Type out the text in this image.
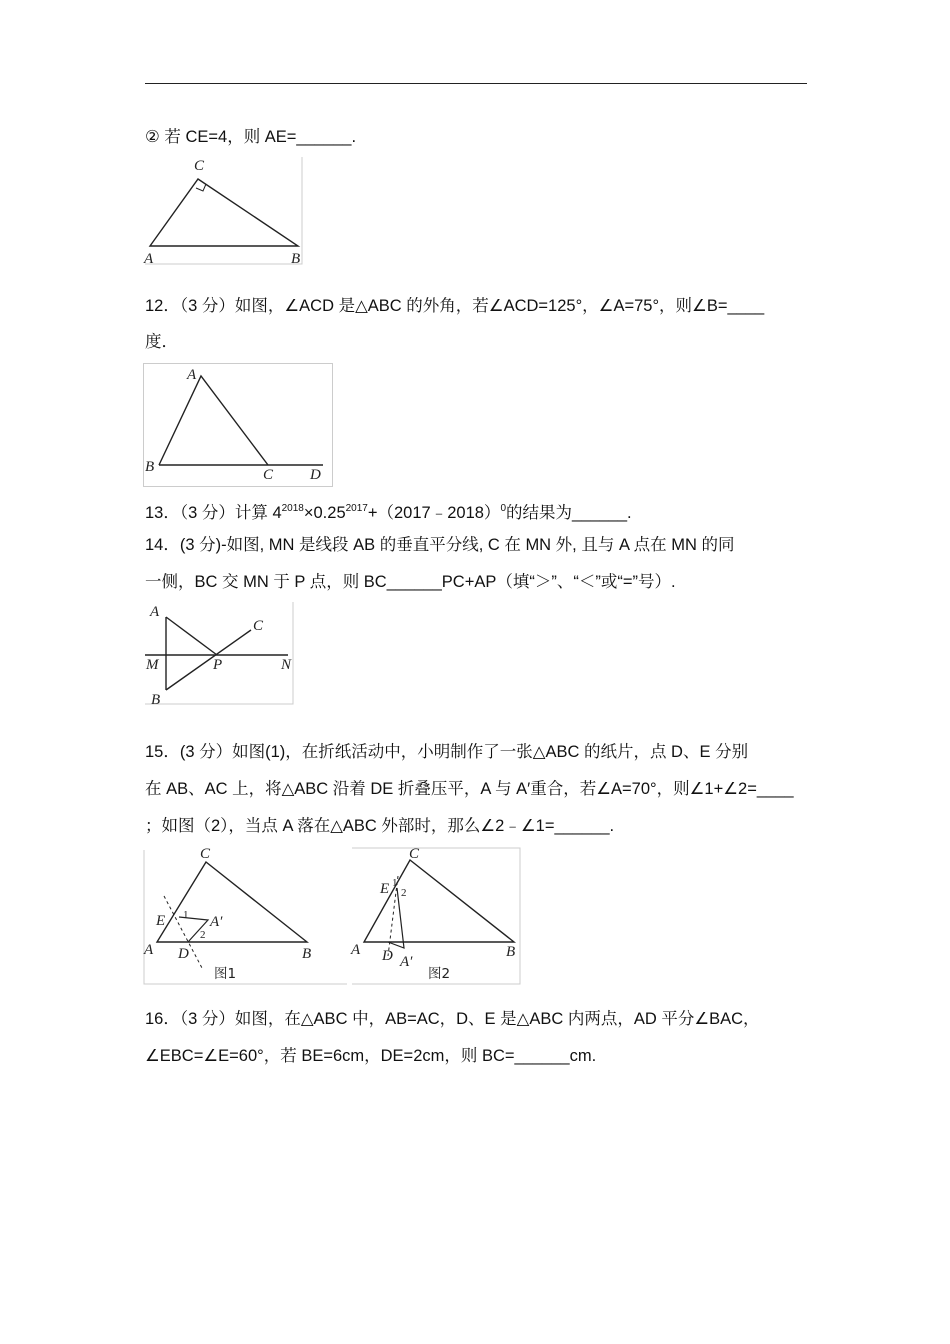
② 若 CE=4，则 AE=______.
A	B
C
12．（3 分）如图，∠ACD 是△ABC 的外角，若∠ACD=125°，∠A=75°，则∠B=____
度．
A
B	C D
13．（3 分）计算 $4^{2018}\times 0.25^{2017}+(2017﹣2018)^0$的结果为______.
14．(3 分)-如图, MN 是线段 AB 的垂直平分线, C 在 MN 外, 且与 A 点在 MN 的同
一侧，BC 交 MN 于 P 点，则 BC______PC+AP（填“＞”、“＜”或“=”号）.
A
B
C
M	N
P
15．(3 分）如图(1)，在折纸活动中，小明制作了一张△ABC 的纸片，点 D、E 分别
在 AB、AC 上，将△ABC 沿着 DE 折叠压平，A 与 A′重合，若∠A=70°，则∠1+∠2=____
；如图（2），当点 A 落在△ABC 外部时，那么∠2﹣∠1=______.
C
E
A D	B
A′
1
2
图1
C
E
A D A′
B
2
1
图2
16．（3 分）如图，在△ABC 中，AB=AC，D、E 是△ABC 内两点，AD 平分∠BAC，
∠EBC=∠E=60°，若 BE=6cm，DE=2cm，则 BC=______cm.
